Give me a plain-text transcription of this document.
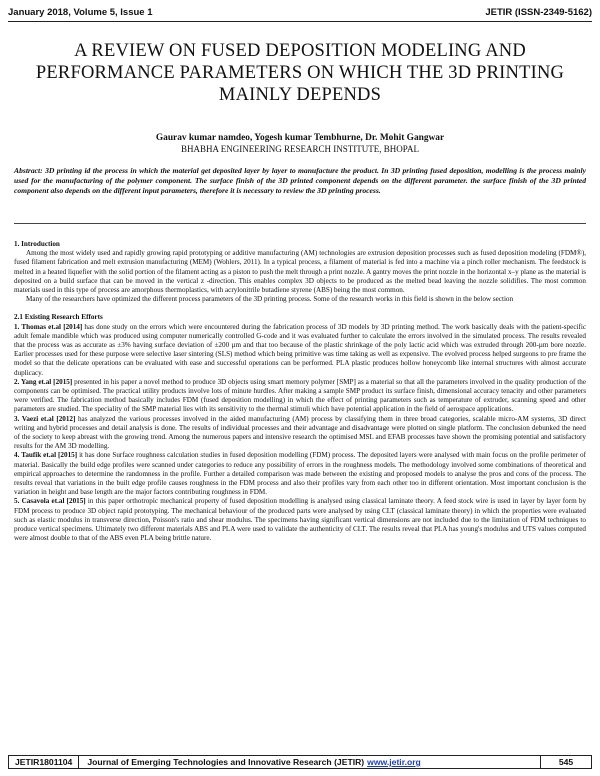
January 2018, Volume 5, Issue 1	JETIR (ISSN-2349-5162)
A REVIEW ON FUSED DEPOSITION MODELING AND PERFORMANCE PARAMETERS ON WHICH THE 3D PRINTING MAINLY DEPENDS
Gaurav kumar namdeo, Yogesh kumar Tembhurne, Dr. Mohit Gangwar
BHABHA ENGINEERING RESEARCH INSTITUTE, BHOPAL
Abstract: 3D printing id the process in which the material get deposited layer by layer to manufacture the product. In 3D printing fused deposition, modelling is the process mainly used for the manufacturing of the polymer component. The surface finish of the 3D printed component depends on the different parameter. the surface finish of the 3D printed component also depends on the different input parameters, therefore it is necessary to review the 3D printing process.

1. Introduction

Among the most widely used and rapidly growing rapid prototyping or additive manufacturing (AM) technologies are extrusion deposition processes such as fused deposition modeling (FDM®), fused filament fabrication and melt extrusion manufacturing (MEM) (Wohlers, 2011). In a typical process, a filament of material is fed into a machine via a pinch roller mechanism. The feedstock is melted in a heated liquefier with the solid portion of the filament acting as a piston to push the melt through a print nozzle. A gantry moves the print nozzle in the horizontal x–y plane as the material is deposited on a build surface that can be moved in the vertical z -direction. This enables complex 3D objects to be produced as the melted bead leaving the nozzle solidifies. The most common materials used in this type of process are amorphous thermoplastics, with acrylonitrile butadiene styrene (ABS) being the most common.

Many of the researchers have optimized the different process parameters of the 3D printing process. Some of the research works in this field is shown in the below section

2.1 Existing Research Efforts

1. Thomas et.al [2014] has done study on the errors which were encountered during the fabrication process of 3D models by 3D printing method. The work basically deals with the patient-specific adult female mandible which was produced using computer numerically controlled G-code and it was evaluated further to calculate the errors involved in the simulated process. The results revealed that the process was as accurate as ±3% having surface deviation of ±200 µm and that too because of the plastic shrinkage of the poly lactic acid which was extruded through 200-µm bore nozzle. Earlier processes used for these purpose were selective laser sintering (SLS) method which being primitive was time taking as well as expensive. The evolved process helped surgeons to pre frame the model so that the delicate operations can be evaluated with ease and successful operations can be performed. PLA plastic produces hollow honeycomb like internal structures with almost accurate duplicacy.

2. Yang et.al [2015] presented in his paper a novel method to produce 3D objects using smart memory polymer [SMP] as a material so that all the parameters involved in the quality production of the components can be optimised. The practical utility products involve lots of minute hurdles. After making a sample SMP product its surface finish, dimensional accuracy tenacity and other parameters were verified. The fabrication method basically includes FDM (fused deposition modelling) in which the effect of printing parameters such as temperature of extruder, scanning speed and other parameters are studied. The speciality of the SMP material lies with its sensitivity to the thermal stimuli which have potential application in the field of aerospace applications.

3. Vaezi et.al [2012] has analyzed the various processes involved in the aided manufacturing (AM) process by classifying them in three broad categories, scalable micro-AM systems, 3D direct writing and hybrid processes and detail analysis is done. The results of individual processes and their advantage and disadvantage were plotted on single platform. The conclusion debunked the need of the society to keep abreast with the growing trend. Among the numerous papers and intensive research the optimised MSL and EFAB processes have shown the promising potential and satisfactory results for the AM 3D modelling.

4. Taufik et.al [2015] it has done Surface roughness calculation studies in fused deposition modelling (FDM) process. The deposited layers were analysed with main focus on the profile perimeter of material. Basically the build edge profiles were scanned under categories to reduce any possibility of errors in the roughness models. The methodology involved some combinations of theoretical and empirical approaches to determine the randomness in the profile. Further a detailed comparison was made between the existing and proposed models to analyse the pros and cons of the process. The results reveal that variations in the built edge profile causes roughness in the FDM process and also their profiles vary from each other too in different orientation. Most important conclusion is the variation in height and base length are the major factors contributing roughness in FDM.

5. Casavola et.al [2015] in this paper orthotropic mechanical property of fused deposition modelling is analysed using classical laminate theory. A feed stock wire is used in layer by layer form by FDM process to produce 3D object rapid prototyping. The mechanical behaviour of the produced parts were analysed by using CLT (classical laminate theory) in which the properties were evaluated such as elastic modulus in transverse direction, Poisson's ratio and shear modulus. The specimens having significant vertical dimensions are not included due to the limitation of FDM techniques to produce vertical specimens. Ultimately two different materials ABS and PLA were used to validate the authenticity of CLT. The results reveal that PLA has young's modulus and UTS values computed were almost double to that of the ABS even PLA being brittle nature.

JETIR1801104	Journal of Emerging Technologies and Innovative Research (JETIR) www.jetir.org	545
